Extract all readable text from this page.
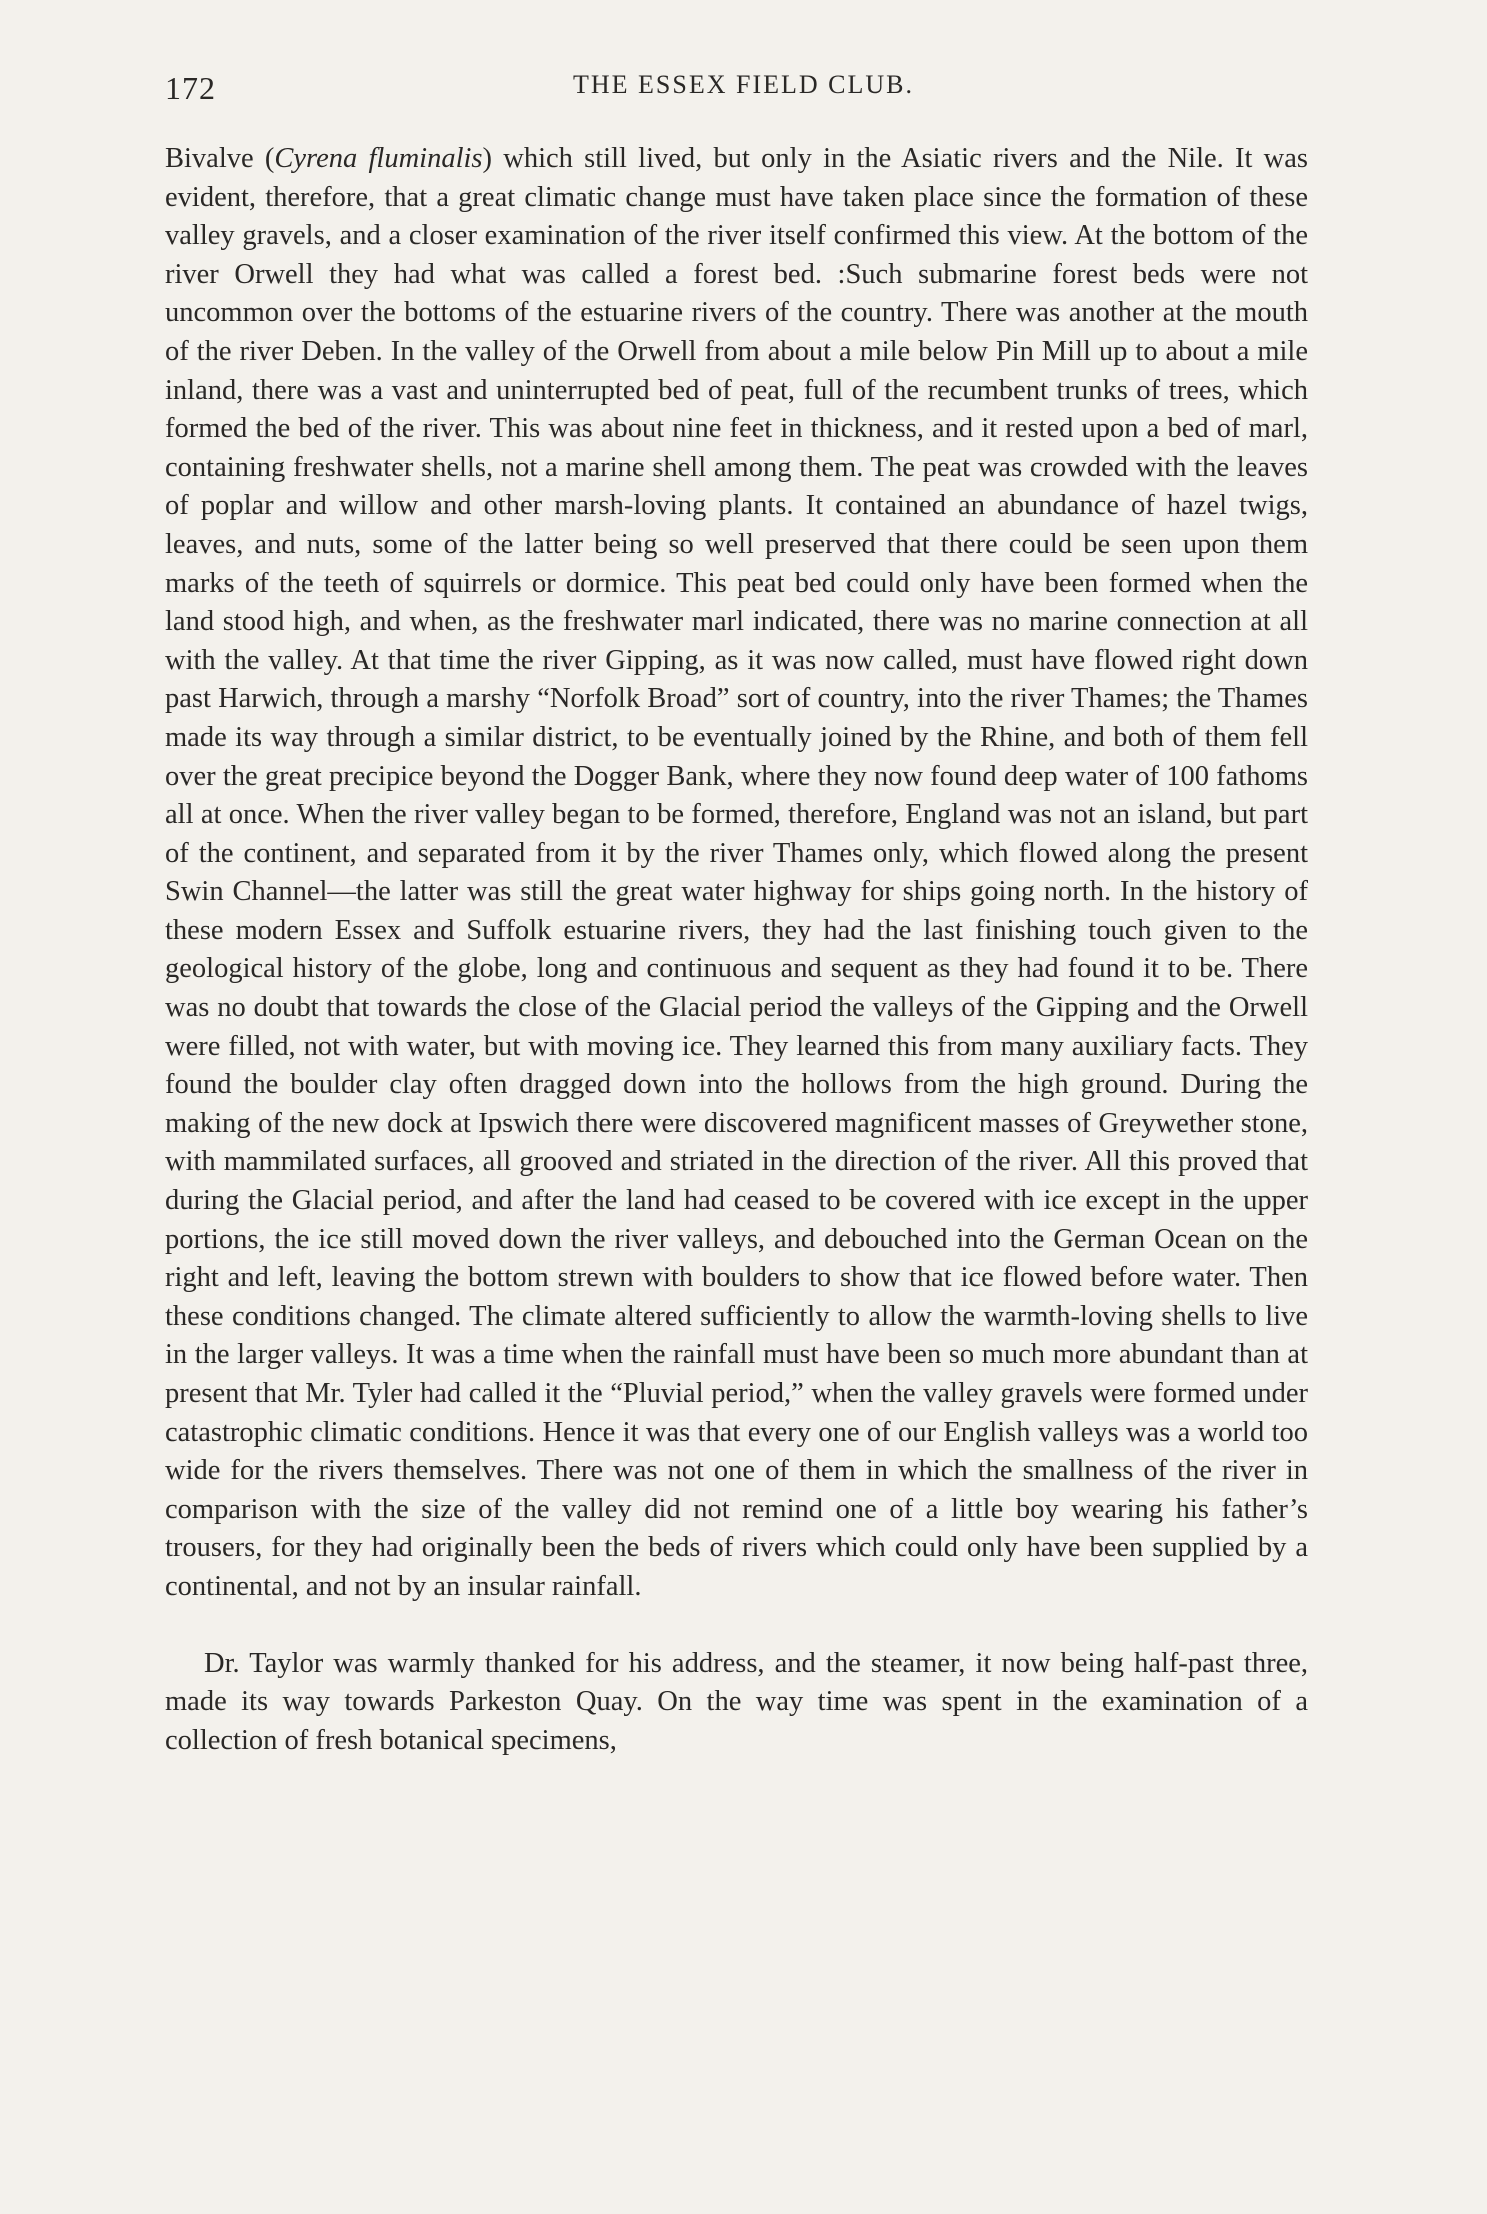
172	THE ESSEX FIELD CLUB.

Bivalve (Cyrena fluminalis) which still lived, but only in the Asiatic rivers and the Nile. It was evident, therefore, that a great climatic change must have taken place since the formation of these valley gravels, and a closer examination of the river itself confirmed this view. At the bottom of the river Orwell they had what was called a forest bed. :Such submarine forest beds were not uncommon over the bottoms of the estuarine rivers of the country. There was another at the mouth of the river Deben. In the valley of the Orwell from about a mile below Pin Mill up to about a mile inland, there was a vast and uninterrupted bed of peat, full of the recumbent trunks of trees, which formed the bed of the river. This was about nine feet in thickness, and it rested upon a bed of marl, containing freshwater shells, not a marine shell among them. The peat was crowded with the leaves of poplar and willow and other marsh-loving plants. It contained an abundance of hazel twigs, leaves, and nuts, some of the latter being so well preserved that there could be seen upon them marks of the teeth of squirrels or dormice. This peat bed could only have been formed when the land stood high, and when, as the freshwater marl indicated, there was no marine connection at all with the valley. At that time the river Gipping, as it was now called, must have flowed right down past Harwich, through a marshy “Norfolk Broad” sort of country, into the river Thames; the Thames made its way through a similar district, to be eventually joined by the Rhine, and both of them fell over the great precipice beyond the Dogger Bank, where they now found deep water of 100 fathoms all at once. When the river valley began to be formed, therefore, England was not an island, but part of the continent, and separated from it by the river Thames only, which flowed along the present Swin Channel—the latter was still the great water highway for ships going north. In the history of these modern Essex and Suffolk estuarine rivers, they had the last finishing touch given to the geological history of the globe, long and continuous and sequent as they had found it to be. There was no doubt that towards the close of the Glacial period the valleys of the Gipping and the Orwell were filled, not with water, but with moving ice. They learned this from many auxiliary facts. They found the boulder clay often dragged down into the hollows from the high ground. During the making of the new dock at Ipswich there were discovered magnificent masses of Greywether stone, with mammilated surfaces, all grooved and striated in the direction of the river. All this proved that during the Glacial period, and after the land had ceased to be covered with ice except in the upper portions, the ice still moved down the river valleys, and debouched into the German Ocean on the right and left, leaving the bottom strewn with boulders to show that ice flowed before water. Then these conditions changed. The climate altered sufficiently to allow the warmth-loving shells to live in the larger valleys. It was a time when the rainfall must have been so much more abundant than at present that Mr. Tyler had called it the “Pluvial period,” when the valley gravels were formed under catastrophic climatic conditions. Hence it was that every one of our English valleys was a world too wide for the rivers themselves. There was not one of them in which the smallness of the river in comparison with the size of the valley did not remind one of a little boy wearing his father’s trousers, for they had originally been the beds of rivers which could only have been supplied by a continental, and not by an insular rainfall.

Dr. Taylor was warmly thanked for his address, and the steamer, it now being half-past three, made its way towards Parkeston Quay. On the way time was spent in the examination of a collection of fresh botanical specimens,
